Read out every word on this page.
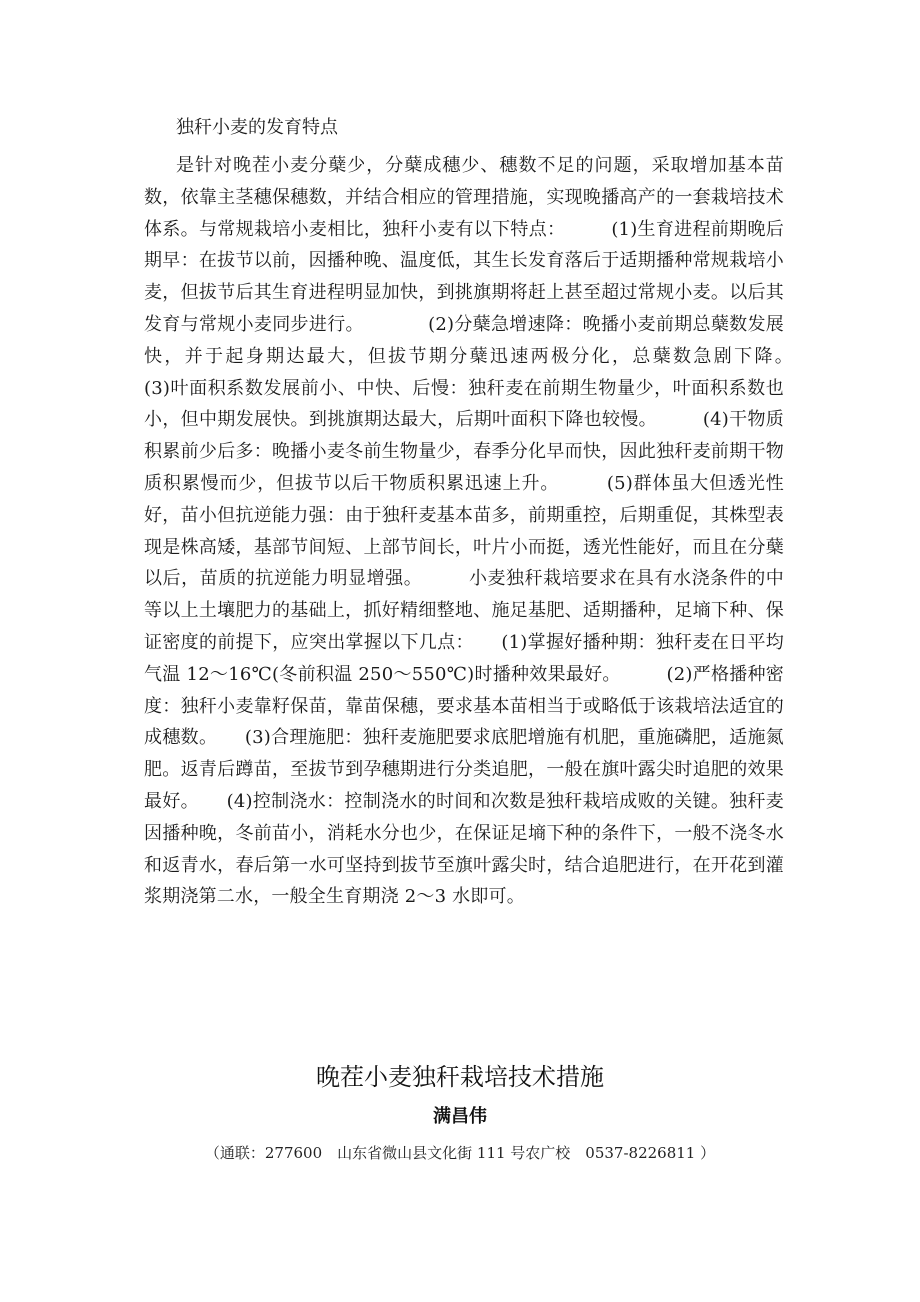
独秆小麦的发育特点

是针对晚茬小麦分蘖少，分蘖成穗少、穗数不足的问题，采取增加基本苗数，依靠主茎穗保穗数，并结合相应的管理措施，实现晚播高产的一套栽培技术体系。与常规栽培小麦相比，独秆小麦有以下特点：　　　(1)生育进程前期晚后期早：在拔节以前，因播种晚、温度低，其生长发育落后于适期播种常规栽培小麦，但拔节后其生育进程明显加快，到挑旗期将赶上甚至超过常规小麦。以后其发育与常规小麦同步进行。　　　　(2)分蘖急增速降：晚播小麦前期总蘖数发展快，并于起身期达最大，但拔节期分蘖迅速两极分化，总蘖数急剧下降。　　　(3)叶面积系数发展前小、中快、后慢：独秆麦在前期生物量少，叶面积系数也小，但中期发展快。到挑旗期达最大，后期叶面积下降也较慢。　　　(4)干物质积累前少后多：晚播小麦冬前生物量少，春季分化早而快，因此独秆麦前期干物质积累慢而少，但拔节以后干物质积累迅速上升。　　　(5)群体虽大但透光性好，苗小但抗逆能力强：由于独秆麦基本苗多，前期重控，后期重促，其株型表现是株高矮，基部节间短、上部节间长，叶片小而挺，透光性能好，而且在分蘖以后，苗质的抗逆能力明显增强。　　　小麦独秆栽培要求在具有水浇条件的中等以上土壤肥力的基础上，抓好精细整地、施足基肥、适期播种，足墒下种、保证密度的前提下，应突出掌握以下几点：　　(1)掌握好播种期：独秆麦在日平均气温 12～16℃(冬前积温 250～550℃)时播种效果最好。　　　(2)严格播种密度：独秆小麦靠籽保苗，靠苗保穗，要求基本苗相当于或略低于该栽培法适宜的成穗数。　　(3)合理施肥：独秆麦施肥要求底肥增施有机肥，重施磷肥，适施氮肥。返青后蹲苗，至拔节到孕穗期进行分类追肥，一般在旗叶露尖时追肥的效果最好。　　(4)控制浇水：控制浇水的时间和次数是独秆栽培成败的关键。独秆麦因播种晚，冬前苗小，消耗水分也少，在保证足墒下种的条件下，一般不浇冬水和返青水，春后第一水可坚持到拔节至旗叶露尖时，结合追肥进行，在开花到灌浆期浇第二水，一般全生育期浇 2～3 水即可。

晚茬小麦独秆栽培技术措施
满昌伟
（通联：277600　山东省微山县文化街 111 号农广校　0537-8226811 ）
